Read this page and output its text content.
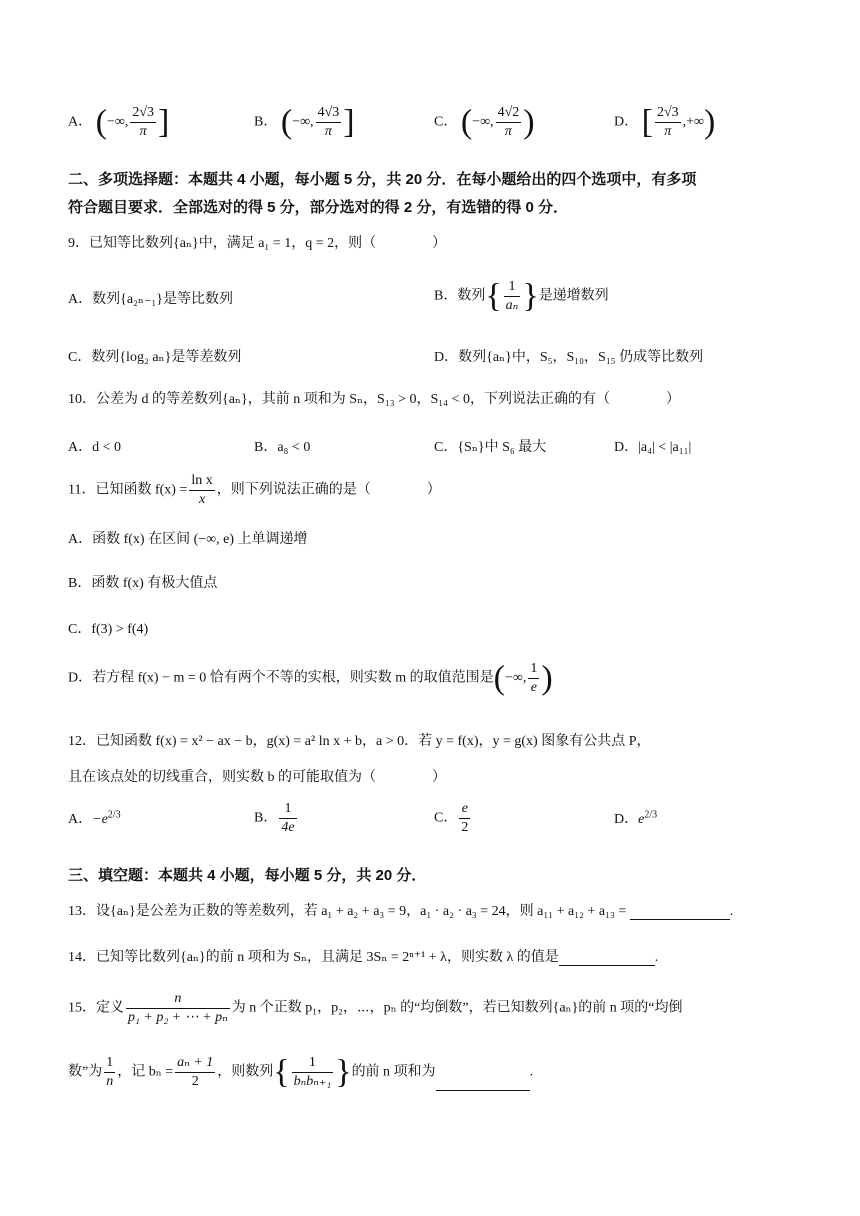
A． (−∞, $\frac{2√3}{\pi}$ ]	B． (−∞, $\frac{4√3}{\pi}$ ]	C． (−∞, $\frac{4√2}{\pi}$ )	D． [ $\frac{2√3}{\pi}$ ,+∞)
二、多项选择题：本题共 4 小题，每小题 5 分，共 20 分．在每小题给出的四个选项中，有多项
符合题目要求．全部选对的得 5 分，部分选对的得 2 分，有选错的得 0 分．
9．已知等比数列{aₙ}中，满足 a₁ = 1，q = 2，则（　　　　）
A．数列{a₂ₙ₋₁}是等比数列	B．数列{ $\frac{1}{\text{aₙ}}$ }是递增数列
C．数列{log₂ aₙ}是等差数列	D．数列{aₙ}中，S₅，S₁₀，S₁₅ 仍成等比数列
10．公差为 d 的等差数列{aₙ}，其前 n 项和为 Sₙ，S₁₃ > 0，S₁₄ < 0，下列说法正确的有（　　　　）
A．d < 0	B．a₈ < 0	C．{Sₙ}中 S₆ 最大	D．|a₄| < |a₁₁|
11．已知函数 $f(x) = \frac{\text{ln x}}{x}$ ，则下列说法正确的是（　　　　）
A．函数 f(x) 在区间 (−∞, e) 上单调递增
B．函数 f(x) 有极大值点
C．f(3) > f(4)
D．若方程 f(x) − m = 0 恰有两个不等的实根，则实数 m 的取值范围是(−∞, $\frac{1}{e}$ )
12．已知函数 f(x) = x² − ax − b，g(x) = a² ln x + b，a > 0．若 y = f(x)，y = g(x) 图象有公共点 P，
且在该点处的切线重合，则实数 b 的可能取值为（　　　　）
A．$-e^{2/3}$	B． $\frac{1}{4e}$	C． $\frac{e}{2}$	D．$e^{2/3}$
三、填空题：本题共 4 小题，每小题 5 分，共 20 分．
13．设{aₙ}是公差为正数的等差数列，若 a₁ + a₂ + a₃ = 9，a₁ · a₂ · a₃ = 24，则 a₁₁ + a₁₂ + a₁₃ =	.
14．已知等比数列{aₙ}的前 n 项和为 Sₙ，且满足 3Sₙ = 2ⁿ⁺¹ + λ，则实数 λ 的值是	.
15．定义 $\frac{n}{\text{p₁ + p₂ + ⋯ + pₙ}}$ 为 n 个正数 p₁，p₂，⋯，pₙ 的“均倒数”，若已知数列{aₙ}的前 n 项的“均倒
数”为 $\frac{1}{n}$ ，记 $b_n = \frac{\text{aₙ + 1}}{2}$ ，则数列{ $\frac{1}{\text{bₙbₙ₊₁}}$ }的前 n 项和为	.
